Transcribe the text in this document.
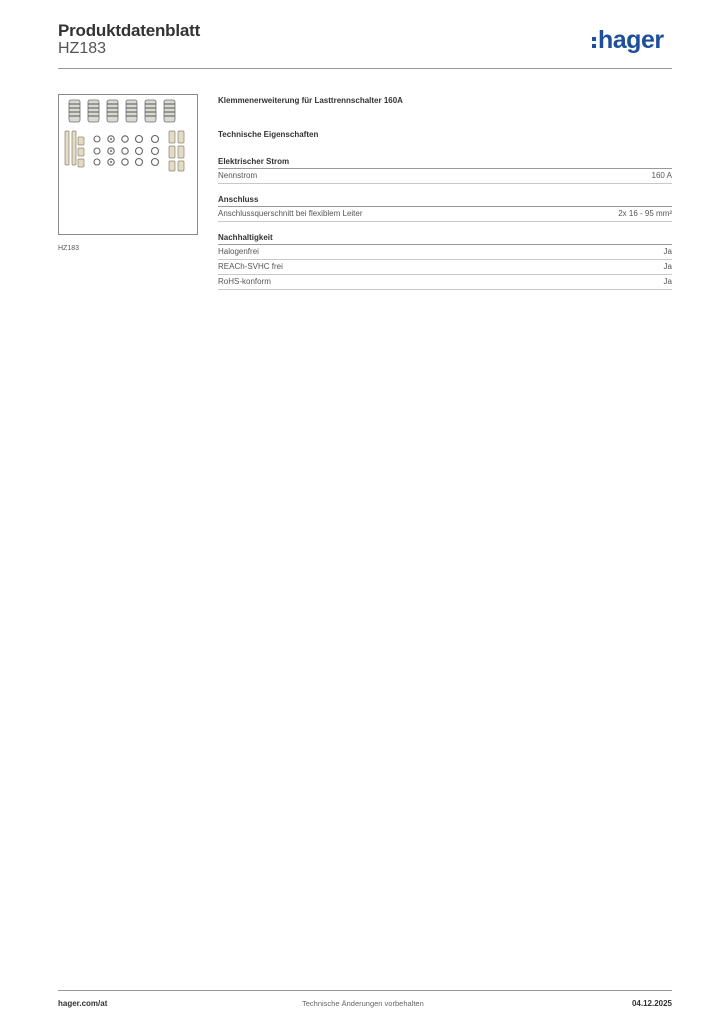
Produktdatenblatt
HZ183	hager
HZ183

Klemmenerweiterung für Lasttrennschalter 160A

Technische Eigenschaften

Elektrischer Strom
Nennstrom	160 A
Anschluss
Anschlussquerschnitt bei flexiblem Leiter	2x 16 - 95 mm²
Nachhaltigkeit
Halogenfrei	Ja
REACh-SVHC frei	Ja
RoHS-konform	Ja
hager.com/at	Technische Änderungen vorbehalten	04.12.2025
